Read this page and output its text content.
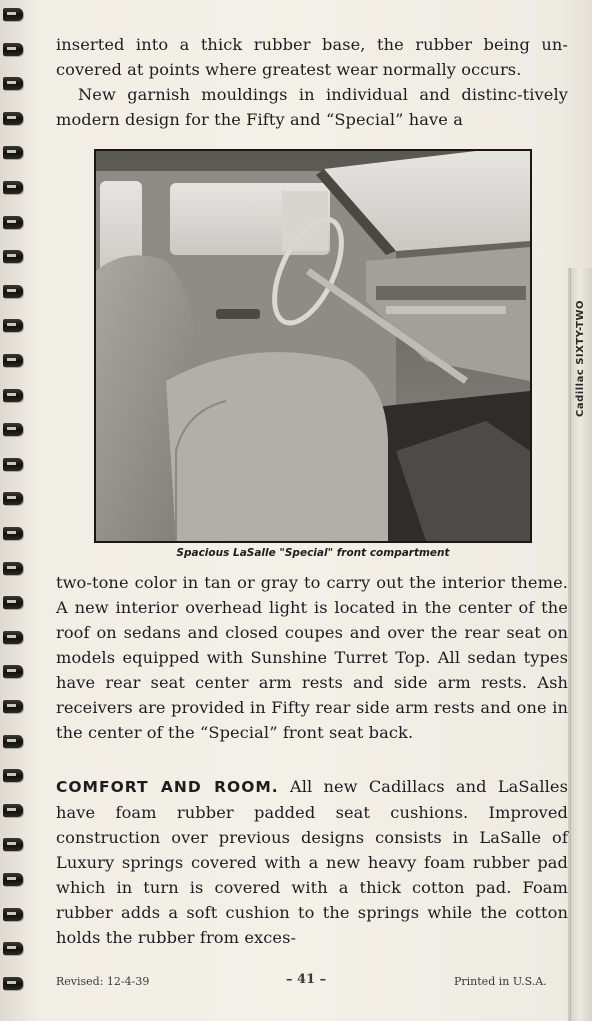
Cadillac SIXTY-TWO

inserted into a thick rubber base, the rubber being un-covered at points where greatest wear normally occurs.

New garnish mouldings in individual and distinc-tively modern design for the Fifty and “Special” have a

Spacious LaSalle "Special" front compartment

two-tone color in tan or gray to carry out the interior theme. A new interior overhead light is located in the center of the roof on sedans and closed coupes and over the rear seat on models equipped with Sunshine Turret Top. All sedan types have rear seat center arm rests and side arm rests. Ash receivers are provided in Fifty rear side arm rests and one in the center of the “Special” front seat back.

COMFORT AND ROOM. All new Cadillacs and LaSalles have foam rubber padded seat cushions. Improved construction over previous designs consists in LaSalle of Luxury springs covered with a new heavy foam rubber pad which in turn is covered with a thick cotton pad. Foam rubber adds a soft cushion to the springs while the cotton holds the rubber from exces-

Revised: 12-4-39	– 41 –	Printed in U.S.A.
